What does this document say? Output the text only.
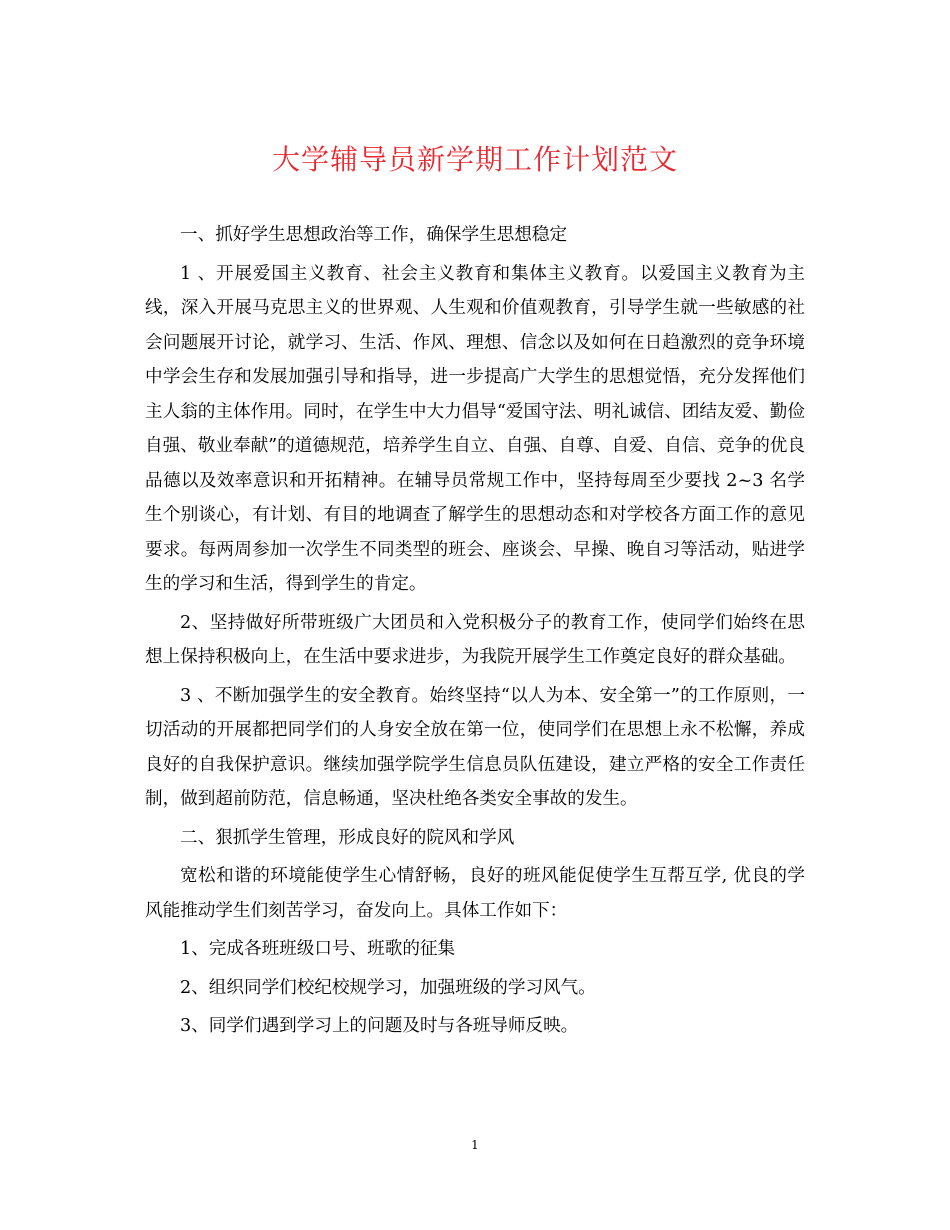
大学辅导员新学期工作计划范文

一、抓好学生思想政治等工作，确保学生思想稳定

1 、开展爱国主义教育、社会主义教育和集体主义教育。以爱国主义教育为主线，深入开展马克思主义的世界观、人生观和价值观教育，引导学生就一些敏感的社会问题展开讨论，就学习、生活、作风、理想、信念以及如何在日趋激烈的竞争环境中学会生存和发展加强引导和指导，进一步提高广大学生的思想觉悟，充分发挥他们主人翁的主体作用。同时，在学生中大力倡导“爱国守法、明礼诚信、团结友爱、勤俭自强、敬业奉献”的道德规范，培养学生自立、自强、自尊、自爱、自信、竞争的优良品德以及效率意识和开拓精神。在辅导员常规工作中，坚持每周至少要找 2~3 名学生个别谈心，有计划、有目的地调查了解学生的思想动态和对学校各方面工作的意见要求。每两周参加一次学生不同类型的班会、座谈会、早操、晚自习等活动，贴进学生的学习和生活，得到学生的肯定。

2、坚持做好所带班级广大团员和入党积极分子的教育工作，使同学们始终在思想上保持积极向上，在生活中要求进步，为我院开展学生工作奠定良好的群众基础。

3 、不断加强学生的安全教育。始终坚持“以人为本、安全第一”的工作原则，一切活动的开展都把同学们的人身安全放在第一位，使同学们在思想上永不松懈，养成良好的自我保护意识。继续加强学院学生信息员队伍建设，建立严格的安全工作责任制，做到超前防范，信息畅通，坚决杜绝各类安全事故的发生。

二、狠抓学生管理，形成良好的院风和学风

宽松和谐的环境能使学生心情舒畅，良好的班风能促使学生互帮互学, 优良的学风能推动学生们刻苦学习，奋发向上。具体工作如下：

1、完成各班班级口号、班歌的征集

2、组织同学们校纪校规学习，加强班级的学习风气。

3、同学们遇到学习上的问题及时与各班导师反映。

1
